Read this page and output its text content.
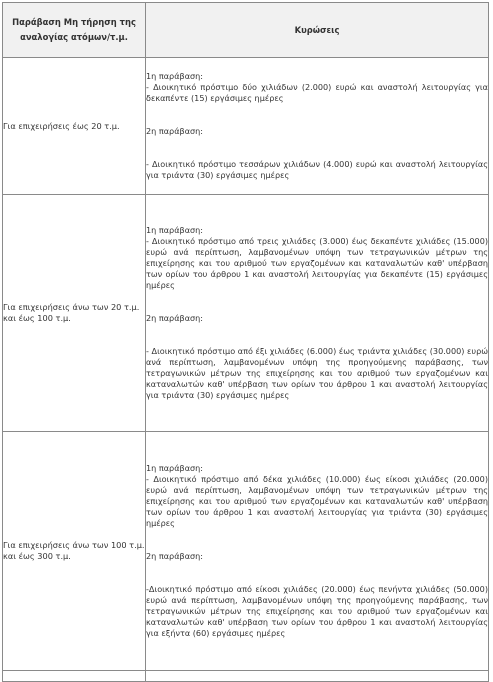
Παράβαση Μη τήρηση της αναλογίας ατόμων/τ.μ.	Κυρώσεις
Για επιχειρήσεις έως 20 τ.μ.	1η παράβαση:
- Διοικητικό πρόστιμο δύο χιλιάδων (2.000) ευρώ και αναστολή λειτουργίας για δεκαπέντε (15) εργάσιμες ημέρες
2η παράβαση:
- Διοικητικό πρόστιμο τεσσάρων χιλιάδων (4.000) ευρώ και αναστολή λειτουργίας για τριάντα (30) εργάσιμες ημέρες

Για επιχειρήσεις άνω των 20 τ.μ. και έως 100 τ.μ.	1η παράβαση:
- Διοικητικό πρόστιμο από τρεις χιλιάδες (3.000) έως δεκαπέντε χιλιάδες (15.000) ευρώ ανά περίπτωση, λαμβανομένων υπόψη των τετραγωνικών μέτρων της επιχείρησης και του αριθμού των εργαζομένων και καταναλωτών καθ' υπέρβαση των ορίων του άρθρου 1 και αναστολή λειτουργίας για δεκαπέντε (15) εργάσιμες ημέρες
2η παράβαση:
- Διοικητικό πρόστιμο από έξι χιλιάδες (6.000) έως τριάντα χιλιάδες (30.000) ευρώ ανά περίπτωση, λαμβανομένων υπόψη της προηγούμενης παράβασης, των τετραγωνικών μέτρων της επιχείρησης και του αριθμού των εργαζομένων και καταναλωτών καθ' υπέρβαση των ορίων του άρθρου 1 και αναστολή λειτουργίας για τριάντα (30) εργάσιμες ημέρες

Για επιχειρήσεις άνω των 100 τ.μ. και έως 300 τ.μ.	1η παράβαση:
- Διοικητικό πρόστιμο από δέκα χιλιάδες (10.000) έως είκοσι χιλιάδες (20.000) ευρώ ανά περίπτωση, λαμβανομένων υπόψη των τετραγωνικών μέτρων της επιχείρησης και του αριθμού των εργαζομένων και καταναλωτών καθ' υπέρβαση των ορίων του άρθρου 1 και αναστολή λειτουργίας για τριάντα (30) εργάσιμες ημέρες
2η παράβαση:
-Διοικητικό πρόστιμο από είκοσι χιλιάδες (20.000) έως πενήντα χιλιάδες (50.000) ευρώ ανά περίπτωση, λαμβανομένων υπόψη της προηγούμενης παράβασης, των τετραγωνικών μέτρων της επιχείρησης και του αριθμού των εργαζομένων και καταναλωτών καθ' υπέρβαση των ορίων του άρθρου 1 και αναστολή λειτουργίας για εξήντα (60) εργάσιμες ημέρες
